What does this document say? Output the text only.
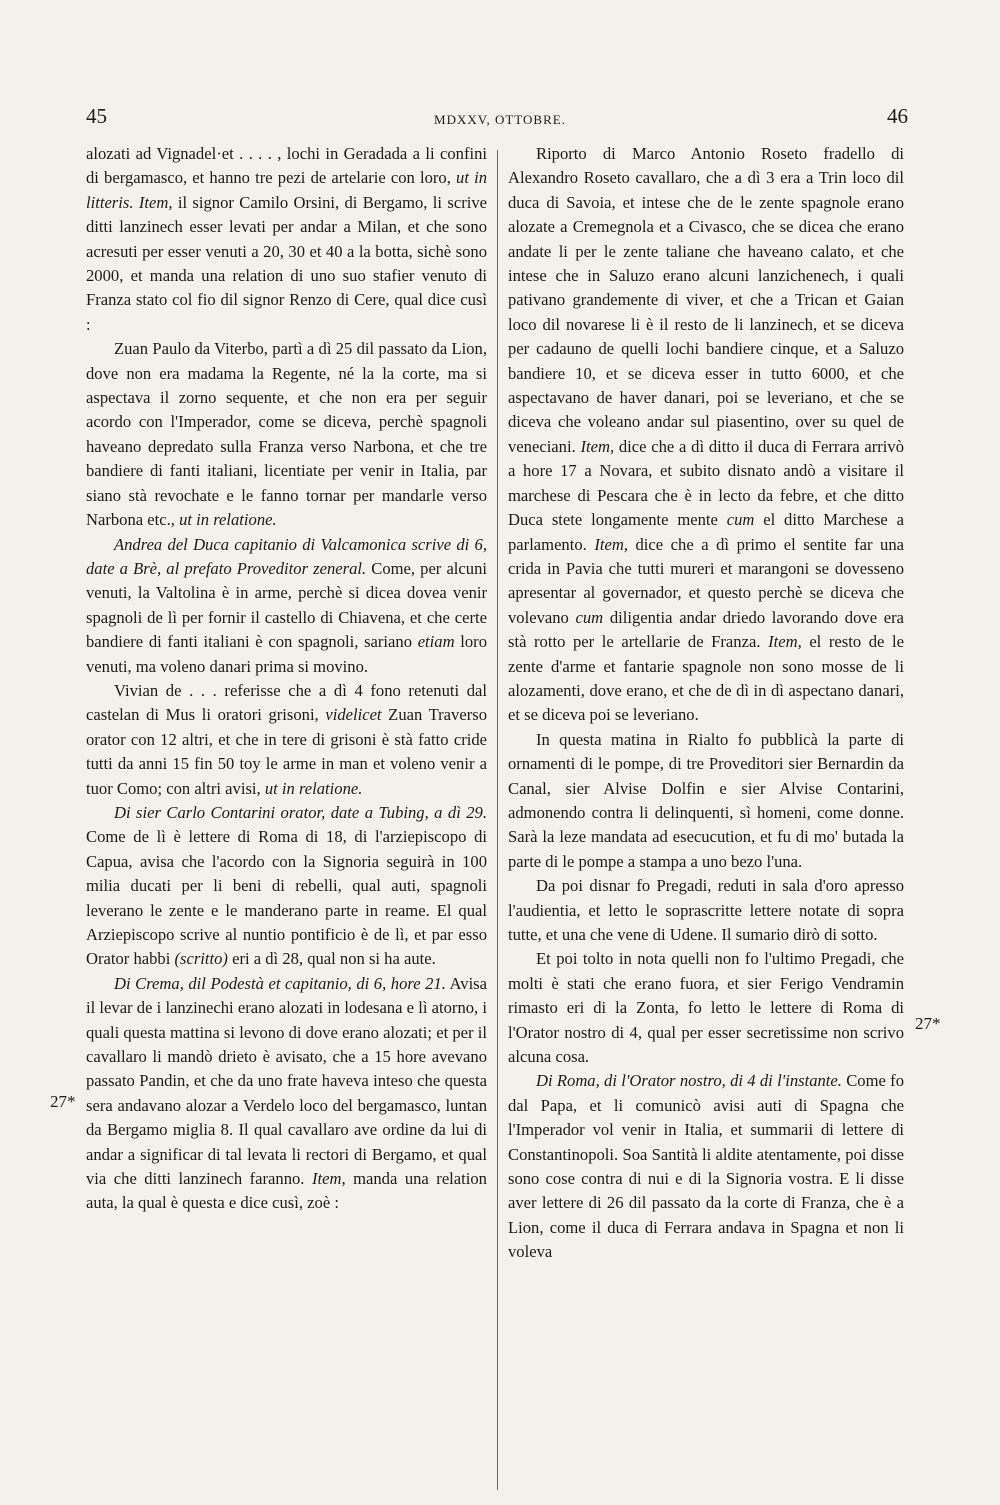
45	MDXXV, OTTOBRE.	46

alozati ad Vignadel·et . . . . , lochi in Geradada a li confini di bergamasco, et hanno tre pezi de artelarie con loro, ut in litteris. Item, il signor Camilo Orsini, di Bergamo, li scrive ditti lanzinech esser levati per andar a Milan, et che sono acresuti per esser venuti a 20, 30 et 40 a la botta, sichè sono 2000, et manda una relation di uno suo stafier venuto di Franza stato col fio dil signor Renzo di Cere, qual dice cusì :

Zuan Paulo da Viterbo, partì a dì 25 dil passato da Lion, dove non era madama la Regente, né la la corte, ma si aspectava il zorno sequente, et che non era per seguir acordo con l'Imperador, come se diceva, perchè spagnoli haveano depredato sulla Franza verso Narbona, et che tre bandiere di fanti italiani, licentiate per venir in Italia, par siano stà revochate e le fanno tornar per mandarle verso Narbona etc., ut in relatione.

Andrea del Duca capitanio di Valcamonica scrive di 6, date a Brè, al prefato Proveditor zeneral. Come, per alcuni venuti, la Valtolina è in arme, perchè si dicea dovea venir spagnoli de lì per fornir il castello di Chiavena, et che certe bandiere di fanti italiani è con spagnoli, sariano etiam loro venuti, ma voleno danari prima si movino.

Vivian de . . . referisse che a dì 4 fono retenuti dal castelan di Mus li oratori grisoni, videlicet Zuan Traverso orator con 12 altri, et che in tere di grisoni è stà fatto cride tutti da anni 15 fin 50 toy le arme in man et voleno venir a tuor Como; con altri avisi, ut in relatione.

Di sier Carlo Contarini orator, date a Tubing, a dì 29. Come de lì è lettere di Roma di 18, di l'arziepiscopo di Capua, avisa che l'acordo con la Signoria seguirà in 100 milia ducati per li beni di rebelli, qual auti, spagnoli leverano le zente e le manderano parte in reame. El qual Arziepiscopo scrive al nuntio pontificio è de lì, et par esso Orator habbi (scritto) eri a dì 28, qual non si ha aute.

Di Crema, dil Podestà et capitanio, di 6, hore 21. Avisa il levar de i lanzinechi erano alozati in lodesana e lì atorno, i quali questa mattina si levono di dove erano alozati; et per il cavallaro li mandò drieto è avisato, che a 15 hore avevano passato Pandin, et che da uno frate haveva inteso che questa sera andavano alozar a Verdelo loco del bergamasco, luntan da Bergamo miglia 8. Il qual cavallaro ave ordine da lui di andar a significar di tal levata li rectori di Bergamo, et qual via che ditti lanzinech faranno. Item, manda una relation auta, la qual è questa e dice cusì, zoè :

Riporto di Marco Antonio Roseto fradello di Alexandro Roseto cavallaro, che a dì 3 era a Trin loco dil duca di Savoia, et intese che de le zente spagnole erano alozate a Cremegnola et a Civasco, che se dicea che erano andate li per le zente taliane che haveano calato, et che intese che in Saluzo erano alcuni lanzichenech, i quali pativano grandemente di viver, et che a Trican et Gaian loco dil novarese li è il resto de li lanzinech, et se diceva per cadauno de quelli lochi bandiere cinque, et a Saluzo bandiere 10, et se diceva esser in tutto 6000, et che aspectavano de haver danari, poi se leveriano, et che se diceva che voleano andar sul piasentino, over su quel de veneciani. Item, dice che a dì ditto il duca di Ferrara arrivò a hore 17 a Novara, et subito disnato andò a visitare il marchese di Pescara che è in lecto da febre, et che ditto Duca stete longamente mente cum el ditto Marchese a parlamento. Item, dice che a dì primo el sentite far una crida in Pavia che tutti mureri et marangoni se dovesseno apresentar al governador, et questo perchè se diceva che volevano cum diligentia andar driedo lavorando dove era stà rotto per le artellarie de Franza. Item, el resto de le zente d'arme et fantarie spagnole non sono mosse de li alozamenti, dove erano, et che de dì in dì aspectano danari, et se diceva poi se leveriano.

In questa matina in Rialto fo pubblicà la parte di ornamenti di le pompe, di tre Proveditori sier Bernardin da Canal, sier Alvise Dolfin e sier Alvise Contarini, admonendo contra li delinquenti, sì homeni, come donne. Sarà la leze mandata ad esecucution, et fu di mo' butada la parte di le pompe a stampa a uno bezo l'una.

Da poi disnar fo Pregadi, reduti in sala d'oro apresso l'audientia, et letto le soprascritte lettere notate di sopra tutte, et una che vene di Udene. Il sumario dirò di sotto.

Et poi tolto in nota quelli non fo l'ultimo Pregadi, che molti è stati che erano fuora, et sier Ferigo Vendramin rimasto eri di la Zonta, fo letto le lettere di Roma di l'Orator nostro di 4, qual per esser secretissime non scrivo alcuna cosa.

Di Roma, di l'Orator nostro, di 4 di l'instante. Come fo dal Papa, et li comunicò avisi auti di Spagna che l'Imperador vol venir in Italia, et summarii di lettere di Constantinopoli. Soa Santità li aldite atentamente, poi disse sono cose contra di nui e di la Signoria vostra. E li disse aver lettere di 26 dil passato da la corte di Franza, che è a Lion, come il duca di Ferrara andava in Spagna et non li voleva

27*
27*
